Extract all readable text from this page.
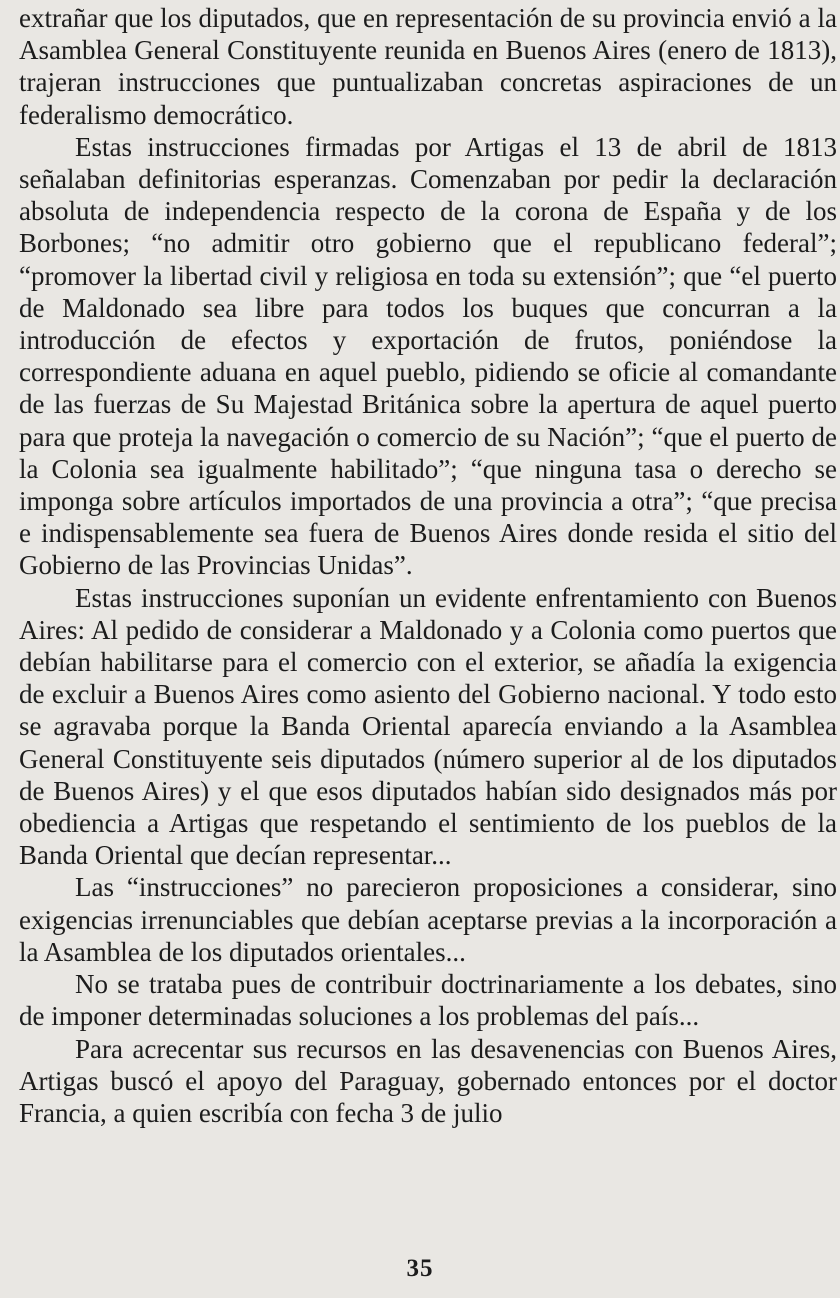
extrañar que los diputados, que en representación de su provincia envió a la Asamblea General Constituyente reunida en Buenos Aires (enero de 1813), trajeran instrucciones que puntualizaban concretas aspiraciones de un federalismo democrático.

Estas instrucciones firmadas por Artigas el 13 de abril de 1813 señalaban definitorias esperanzas. Comenzaban por pedir la declaración absoluta de independencia respecto de la corona de España y de los Borbones; “no admitir otro gobierno que el republicano federal”; “promover la libertad civil y religiosa en toda su extensión”; que “el puerto de Maldonado sea libre para todos los buques que concurran a la introducción de efectos y exportación de frutos, poniéndose la correspondiente aduana en aquel pueblo, pidiendo se oficie al comandante de las fuerzas de Su Majestad Británica sobre la apertura de aquel puerto para que proteja la navegación o comercio de su Nación”; “que el puerto de la Colonia sea igualmente habilitado”; “que ninguna tasa o derecho se imponga sobre artículos importados de una provincia a otra”; “que precisa e indispensablemente sea fuera de Buenos Aires donde resida el sitio del Gobierno de las Provincias Unidas”.

Estas instrucciones suponían un evidente enfrentamiento con Buenos Aires: Al pedido de considerar a Maldonado y a Colonia como puertos que debían habilitarse para el comercio con el exterior, se añadía la exigencia de excluir a Buenos Aires como asiento del Gobierno nacional. Y todo esto se agravaba porque la Banda Oriental aparecía enviando a la Asamblea General Constituyente seis diputados (número superior al de los diputados de Buenos Aires) y el que esos diputados habían sido designados más por obediencia a Artigas que respetando el sentimiento de los pueblos de la Banda Oriental que decían representar...

Las “instrucciones” no parecieron proposiciones a considerar, sino exigencias irrenunciables que debían aceptarse previas a la incorporación a la Asamblea de los diputados orientales...

No se trataba pues de contribuir doctrinariamente a los debates, sino de imponer determinadas soluciones a los problemas del país...

Para acrecentar sus recursos en las desavenencias con Buenos Aires, Artigas buscó el apoyo del Paraguay, gobernado entonces por el doctor Francia, a quien escribía con fecha 3 de julio

35
